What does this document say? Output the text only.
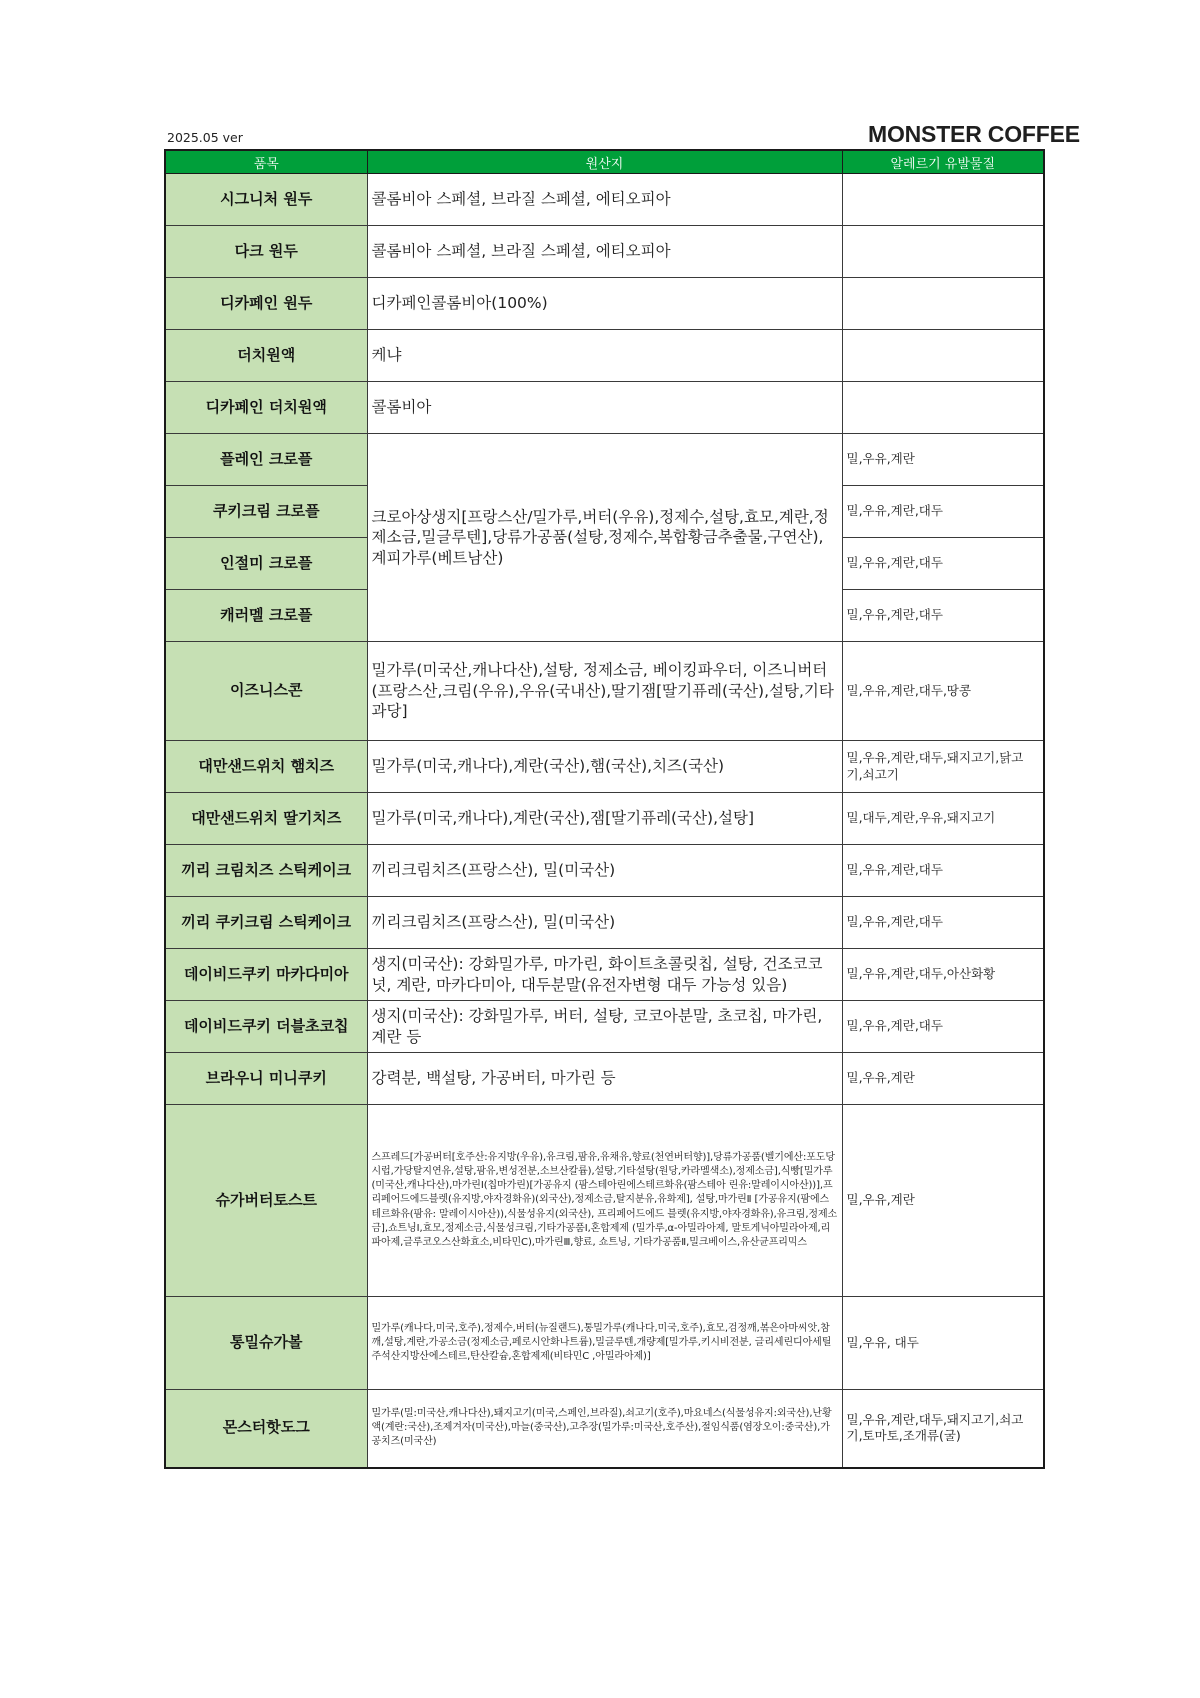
2025.05 ver	MONSTER COFFEE
품목	원산지	알레르기 유발물질
시그니처 원두	콜롬비아 스페셜, 브라질 스페셜, 에티오피아	
다크 원두	콜롬비아 스페셜, 브라질 스페셜, 에티오피아	
디카페인 원두	디카페인콜롬비아(100%)	
더치원액	케냐	
디카페인 더치원액	콜롬비아	
플레인 크로플	크로아상생지[프랑스산/밀가루,버터(우유),정제수,설탕,효모,계란,정제소금,밀글루텐],당류가공품(설탕,정제수,복합황금추출물,구연산),계피가루(베트남산)	밀,우유,계란
쿠키크림 크로플		밀,우유,계란,대두
인절미 크로플		밀,우유,계란,대두
캐러멜 크로플		밀,우유,계란,대두
이즈니스콘	밀가루(미국산,캐나다산),설탕, 정제소금, 베이킹파우더, 이즈니버터(프랑스산,크림(우유),우유(국내산),딸기잼[딸기퓨레(국산),설탕,기타과당]	밀,우유,계란,대두,땅콩
대만샌드위치 햄치즈	밀가루(미국,캐나다),계란(국산),햄(국산),치즈(국산)	밀,우유,계란,대두,돼지고기,닭고기,쇠고기
대만샌드위치 딸기치즈	밀가루(미국,캐나다),계란(국산),잼[딸기퓨레(국산),설탕]	밀,대두,계란,우유,돼지고기
끼리 크림치즈 스틱케이크	끼리크림치즈(프랑스산), 밀(미국산)	밀,우유,계란,대두
끼리 쿠키크림 스틱케이크	끼리크림치즈(프랑스산), 밀(미국산)	밀,우유,계란,대두
데이비드쿠키 마카다미아	생지(미국산): 강화밀가루, 마가린, 화이트초콜릿칩, 설탕, 건조코코넛, 계란, 마카다미아, 대두분말(유전자변형 대두 가능성 있음)	밀,우유,계란,대두,아산화황
데이비드쿠키 더블초코칩	생지(미국산): 강화밀가루, 버터, 설탕, 코코아분말, 초코칩, 마가린, 계란 등	밀,우유,계란,대두
브라우니 미니쿠키	강력분, 백설탕, 가공버터, 마가린 등	밀,우유,계란
슈가버터토스트	스프레드[가공버터[호주산:유지방(우유),유크림,팜유,유채유,향료(천연버터향)],당류가공품(벨기에산:포도당시럽,가당탈지연유,설탕,팜유,변성전분,소브산칼륨),설탕,기타설탕(원당,카라멜색소),정제소금],식빵[밀가루(미국산,캐나다산),마가린I(칩마가린)[가공유지 (팜스테아린에스테르화유(팜스테아 린유:말레이시아산))],프리페어드에드블렛(유지방,야자경화유)(외국산),정제소금,탈지분유,유화제], 설탕,마가린Ⅱ [가공유지(팜에스테르화유(팜유: 말레이시아산)),식물성유지(외국산), 프리페어드에드 블렛(유지방,야자경화유),유크림,정제소금],쇼트닝I,효모,정제소금,식물성크림,기타가공품I,혼합제제 (밀가루,α-아밀라아제, 말토게닉아밀라아제,리파아제,글루코오스산화효소,비타민C),마가린Ⅲ,향료, 쇼트닝, 기타가공품Ⅱ,밀크베이스,유산균프리믹스	밀,우유,계란
통밀슈가볼	밀가루(캐나다,미국,호주),정제수,버터(뉴질랜드),통밀가루(캐나다,미국,호주),효모,검정깨,볶은아마씨앗,참깨,설탕,계란,가공소금(정제소금,페로시안화나트륨),밀글루텐,개량제[밀가루,키시비전분, 글리세린디아세틸주석산지방산에스테르,탄산칼슘,혼합제제(비타민C ,아밀라아제)]	밀,우유, 대두
몬스터핫도그	밀가루(밀:미국산,캐나다산),돼지고기(미국,스페인,브라질),쇠고기(호주),마요네스(식물성유지:외국산),난황액(계란:국산),조제겨자(미국산),마늘(중국산),고추장(밀가루:미국산,호주산),절임식품(염장오이:중국산),가공치즈(미국산)	밀,우유,계란,대두,돼지고기,쇠고기,토마토,조개류(굴)
